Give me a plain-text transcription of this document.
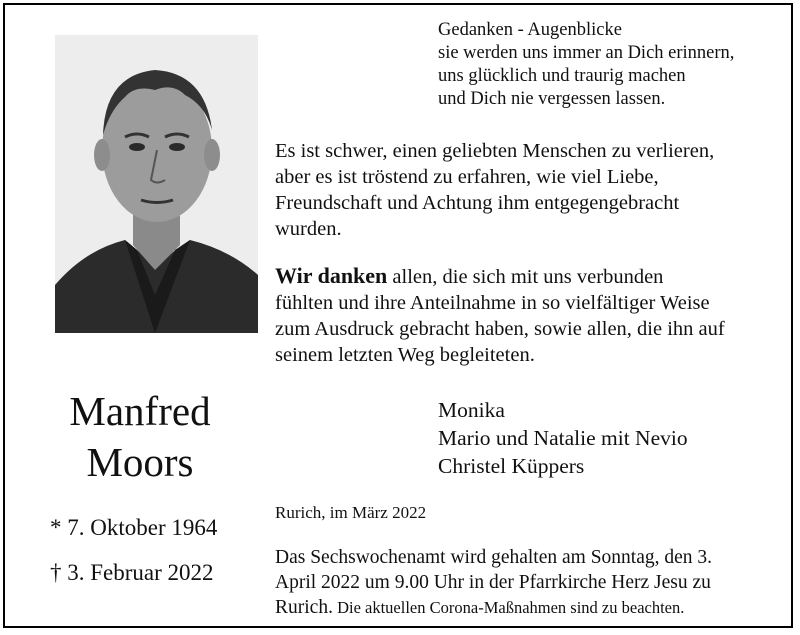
Manfred
Moors
* 7. Oktober 1964
† 3. Februar 2022
Gedanken - Augenblicke
sie werden uns immer an Dich erinnern,
uns glücklich und traurig machen
und Dich nie vergessen lassen.
Es ist schwer, einen geliebten Menschen zu verlieren,
aber es ist tröstend zu erfahren, wie viel Liebe,
Freundschaft und Achtung ihm entgegengebracht
wurden.
Wir danken allen, die sich mit uns verbunden
fühlten und ihre Anteilnahme in so vielfältiger Weise
zum Ausdruck gebracht haben, sowie allen, die ihn auf
seinem letzten Weg begleiteten.
Monika
Mario und Natalie mit Nevio
Christel Küppers
Rurich, im März 2022
Das Sechswochenamt wird gehalten am Sonntag, den 3.
April 2022 um 9.00 Uhr in der Pfarrkirche Herz Jesu zu
Rurich. Die aktuellen Corona-Maßnahmen sind zu beachten.
